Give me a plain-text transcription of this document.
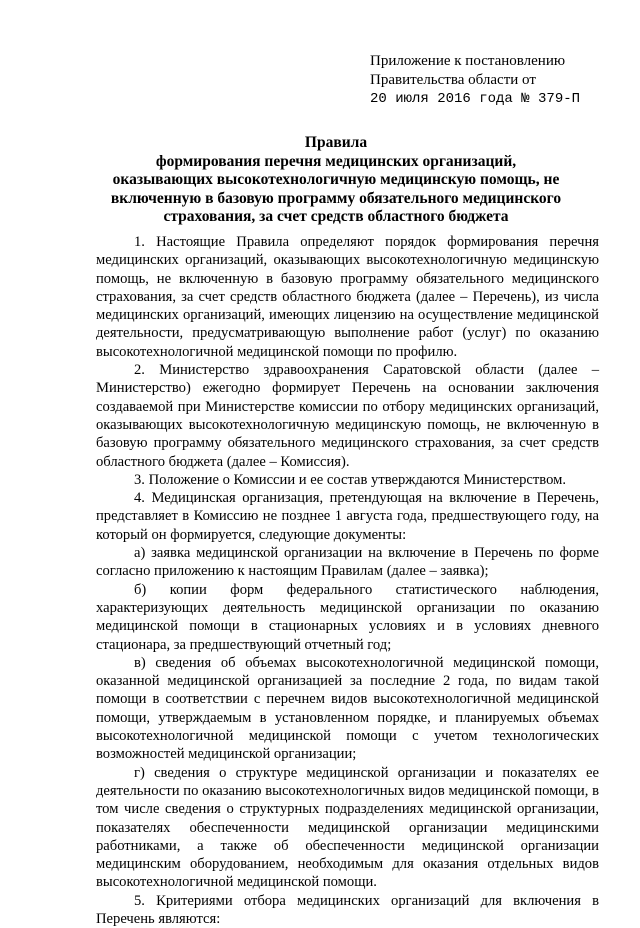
Приложение к постановлению
Правительства области от
20 июля 2016 года № 379-П
Правила
формирования перечня медицинских организаций, оказывающих высокотехнологичную медицинскую помощь, не включенную в базовую программу обязательного медицинского страхования, за счет средств областного бюджета

1. Настоящие Правила определяют порядок формирования перечня медицинских организаций, оказывающих высокотехнологичную медицинскую помощь, не включенную в базовую программу обязательного медицинского страхования, за счет средств областного бюджета (далее – Перечень), из числа медицинских организаций, имеющих лицензию на осуществление медицинской деятельности, предусматривающую выполнение работ (услуг) по оказанию высокотехнологичной медицинской помощи по профилю.

2. Министерство здравоохранения Саратовской области (далее – Министерство) ежегодно формирует Перечень на основании заключения создаваемой при Министерстве комиссии по отбору медицинских организаций, оказывающих высокотехнологичную медицинскую помощь, не включенную в базовую программу обязательного медицинского страхования, за счет средств областного бюджета (далее – Комиссия).

3. Положение о Комиссии и ее состав утверждаются Министерством.

4. Медицинская организация, претендующая на включение в Перечень, представляет в Комиссию не позднее 1 августа года, предшествующего году, на который он формируется, следующие документы:

а) заявка медицинской организации на включение в Перечень по форме согласно приложению к настоящим Правилам (далее – заявка);

б) копии форм федерального статистического наблюдения, характеризующих деятельность медицинской организации по оказанию медицинской помощи в стационарных условиях и в условиях дневного стационара, за предшествующий отчетный год;

в) сведения об объемах высокотехнологичной медицинской помощи, оказанной медицинской организацией за последние 2 года, по видам такой помощи в соответствии с перечнем видов высокотехнологичной медицинской помощи, утверждаемым в установленном порядке, и планируемых объемах высокотехнологичной медицинской помощи с учетом технологических возможностей медицинской организации;

г) сведения о структуре медицинской организации и показателях ее деятельности по оказанию высокотехнологичных видов медицинской помощи, в том числе сведения о структурных подразделениях медицинской организации, показателях обеспеченности медицинской организации медицинскими работниками, а также об обеспеченности медицинской организации медицинским оборудованием, необходимым для оказания отдельных видов высокотехнологичной медицинской помощи.

5. Критериями отбора медицинских организаций для включения в Перечень являются:
